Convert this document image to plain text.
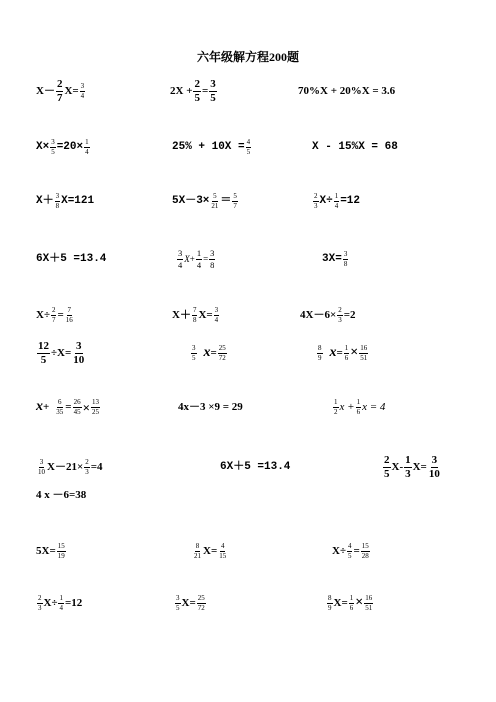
六年级解方程200题
$X- \frac{2}{7} X= \frac{3}{4}$	$2X + \frac{2}{5} = \frac{3}{5}$	70%X + 20%X = 3.6
$X\times \frac{3}{5} =20\times \frac{1}{4}$	$25\% + 10X = \frac{4}{5}$	X - 15%X = 68
$X+ \frac{3}{8} X=121$	$5X-3\times \frac{5}{21} = \frac{5}{7}$	$\frac{2}{3} X\div \frac{1}{4} =12$
6X＋5 =13.4	$\frac{3}{4}$ $X + \frac{1}{4} = \frac{3}{8}$	$3X= \frac{3}{8}$
$X\div \frac{2}{7} = \frac{7}{16}$	$X+ \frac{7}{8} X= \frac{3}{4}$	$4X-6\times \frac{2}{3} =2$
$\frac{12}{5} \div X= \frac{3}{10}$	$\frac{3}{5}$ $x = \frac{25}{72}$	$\frac{8}{9}$ $x = \frac{1}{6} \times \frac{16}{51}$
$x + \frac{6}{35} = \frac{26}{45} \times \frac{13}{25}$	4x－3 ×9 = 29	$\frac{1}{2}$ $x + \frac{1}{6}$ x = 4
$\frac{3}{10} X-21\times \frac{2}{3} =4$	6X＋5 =13.4	$\frac{2}{5} X- \frac{1}{3} X= \frac{3}{10}$
4 x －6=38
$5X= \frac{15}{19}$	$\frac{8}{21} X= \frac{4}{15}$	$X\div \frac{4}{5} = \frac{15}{28}$
$\frac{2}{3} X\div \frac{1}{4} =12$	$\frac{3}{5} X= \frac{25}{72}$	$\frac{8}{9} X= \frac{1}{6} \times \frac{16}{51}$
